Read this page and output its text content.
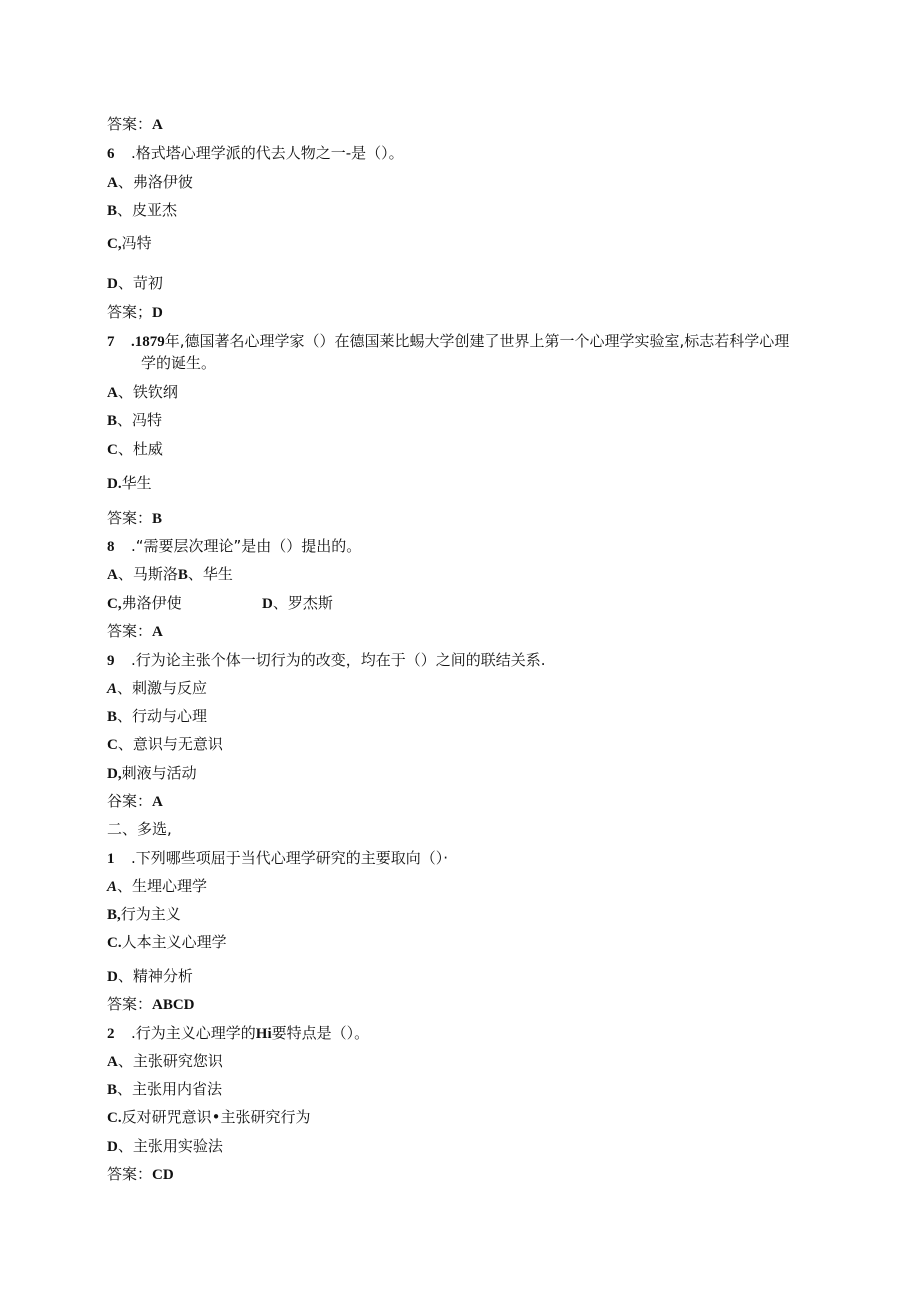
答案：A
6 .格式塔心理学派的代去人物之一-是（）。
A、弗洛伊彼
B、皮亚杰
C,冯特
D、苛初
答案；D
7 .1879年,德国著名心理学家（）在德国莱比蜴大学创建了世界上第一个心理学实验室,标志若科学心理
学的诞生。
A、铁钦纲
B、冯特
C、杜威
D.华生
答案：B
8 .“需要层次理论”是由（）提出的。
A、马斯洛B、华生
C,弗洛伊使	D、罗杰斯
答案：A
9 .行为论主张个体一切行为的改变，均在于（）之间的联结关系.
A、刺激与反应
B、行动与心理
C、意识与无意识
D,刺液与活动
谷案：A
二、多选,
1 .下列哪些项屈于当代心理学研究的主要取向（）·
A、生埋心理学
B,行为主义
C.人本主义心理学
D、精神分析
答案：ABCD
2 .行为主义心理学的Hi要特点是（）。
A、主张研究您识
B、主张用内省法
C.反对研咒意识•主张研究行为
D、主张用实验法
答案：CD
